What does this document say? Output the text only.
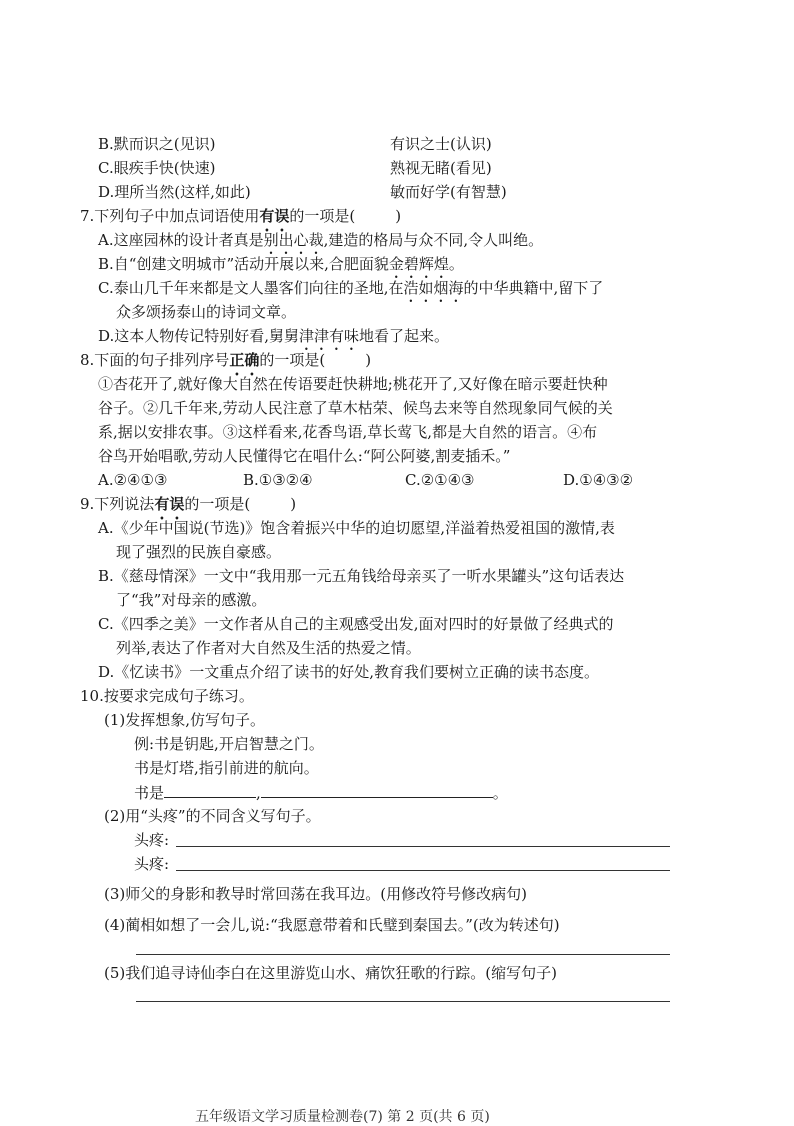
B.默而识之(见识)	有识之士(认识)
C.眼疾手快(快速)	熟视无睹(看见)
D.理所当然(这样,如此)	敏而好学(有智慧)
7.下列句子中加点词语使用有误的一项是(	)
A.这座园林的设计者真是别出心裁,建造的格局与众不同,令人叫绝。
B.自“创建文明城市”活动开展以来,合肥面貌金碧辉煌。
C.泰山几千年来都是文人墨客们向往的圣地,在浩如烟海的中华典籍中,留下了
众多颂扬泰山的诗词文章。
D.这本人物传记特别好看,舅舅津津有味地看了起来。
8.下面的句子排列序号正确的一项是(	)
①杏花开了,就好像大自然在传语要赶快耕地;桃花开了,又好像在暗示要赶快种
谷子。②几千年来,劳动人民注意了草木枯荣、候鸟去来等自然现象同气候的关
系,据以安排农事。③这样看来,花香鸟语,草长莺飞,都是大自然的语言。④布
谷鸟开始唱歌,劳动人民懂得它在唱什么:“阿公阿婆,割麦插禾。”
A.②④①③	B.①③②④	C.②①④③	D.①④③②
9.下列说法有误的一项是(	)
A.《少年中国说(节选)》饱含着振兴中华的迫切愿望,洋溢着热爱祖国的激情,表
现了强烈的民族自豪感。
B.《慈母情深》一文中“我用那一元五角钱给母亲买了一听水果罐头”这句话表达
了“我”对母亲的感激。
C.《四季之美》一文作者从自己的主观感受出发,面对四时的好景做了经典式的
列举,表达了作者对大自然及生活的热爱之情。
D.《忆读书》一文重点介绍了读书的好处,教育我们要树立正确的读书态度。
10.按要求完成句子练习。
(1)发挥想象,仿写句子。
例:书是钥匙,开启智慧之门。
书是灯塔,指引前进的航向。
书是	,	。
(2)用“头疼”的不同含义写句子。
头疼:
头疼:
(3)师父的身影和教导时常回荡在我耳边。(用修改符号修改病句)
(4)蔺相如想了一会儿,说:“我愿意带着和氏璧到秦国去。”(改为转述句)
(5)我们追寻诗仙李白在这里游览山水、痛饮狂歌的行踪。(缩写句子)
五年级语文学习质量检测卷(7) 第 2 页(共 6 页)
